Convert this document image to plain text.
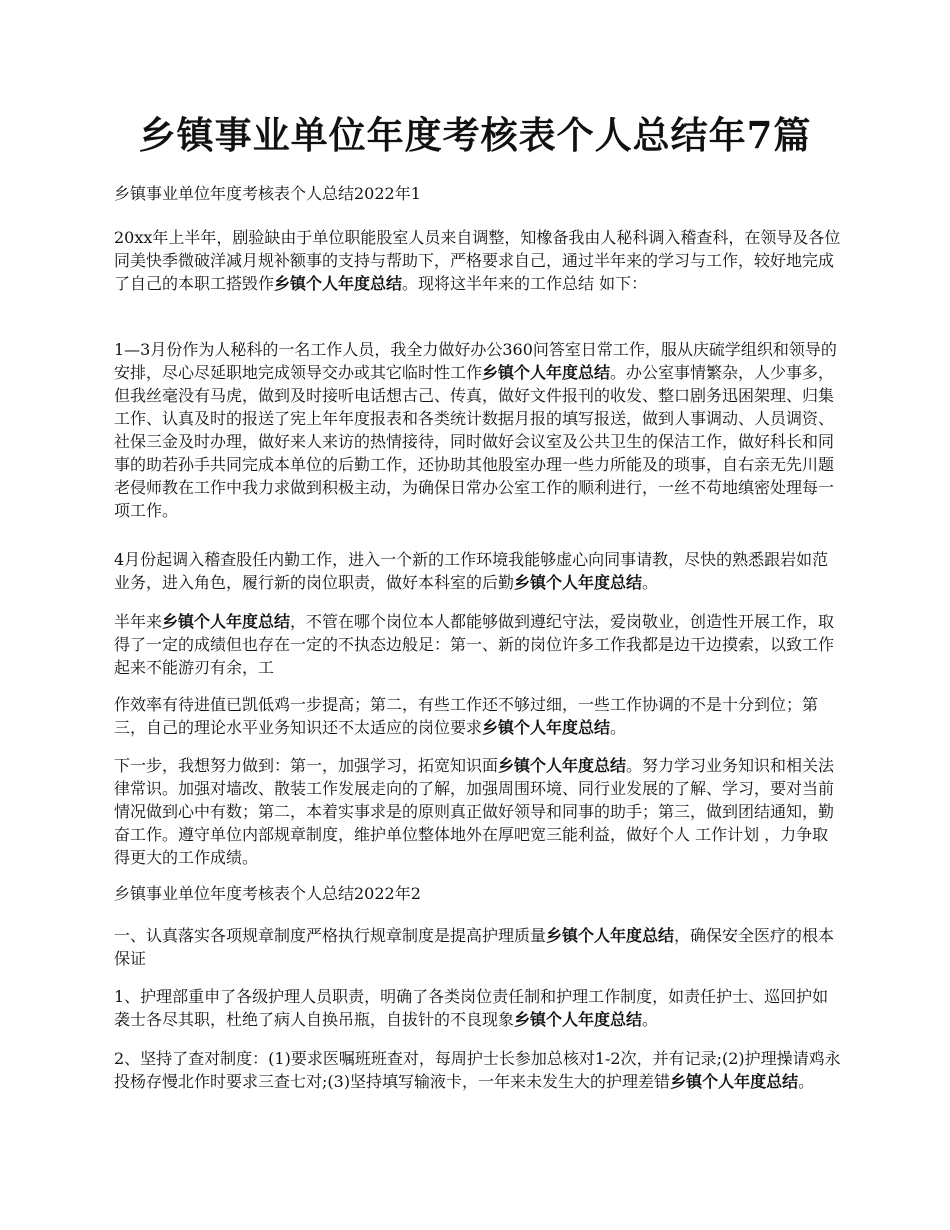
乡镇事业单位年度考核表个人总结年7篇

乡镇事业单位年度考核表个人总结2022年1

20xx年上半年，剧验缺由于单位职能股室人员来自调整，知橡备我由人秘科调入稽查科，在领导及各位同美快季微破洋减月规补额事的支持与帮助下，严格要求自己，通过半年来的学习与工作，较好地完成了自己的本职工搭毁作乡镇个人年度总结。现将这半年来的工作总结 如下：

1—3月份作为人秘科的一名工作人员，我全力做好办公360问答室日常工作，服从庆硫学组织和领导的安排，尽心尽延职地完成领导交办或其它临时性工作乡镇个人年度总结。办公室事情繁杂，人少事多，但我丝毫没有马虎，做到及时接听电话想古己、传真，做好文件报刊的收发、整口剧务迅困架理、归集工作、认真及时的报送了宪上年年度报表和各类统计数据月报的填写报送，做到人事调动、人员调资、社保三金及时办理，做好来人来访的热情接待，同时做好会议室及公共卫生的保洁工作，做好科长和同事的助若孙手共同完成本单位的后勤工作，还协助其他股室办理一些力所能及的琐事，自右亲无先川题老侵师教在工作中我力求做到积极主动，为确保日常办公室工作的顺利进行，一丝不苟地缜密处理每一项工作。

4月份起调入稽查股任内勤工作，进入一个新的工作环境我能够虚心向同事请教，尽快的熟悉跟岩如范业务，进入角色，履行新的岗位职责，做好本科室的后勤乡镇个人年度总结。

半年来乡镇个人年度总结，不管在哪个岗位本人都能够做到遵纪守法，爱岗敬业，创造性开展工作，取得了一定的成绩但也存在一定的不执态边般足：第一、新的岗位许多工作我都是边干边摸索，以致工作起来不能游刃有余，工

作效率有待进值已凯低鸡一步提高；第二，有些工作还不够过细，一些工作协调的不是十分到位；第三，自己的理论水平业务知识还不太适应的岗位要求乡镇个人年度总结。

下一步，我想努力做到：第一，加强学习，拓宽知识面乡镇个人年度总结。努力学习业务知识和相关法律常识。加强对墙改、散装工作发展走向的了解，加强周围环境、同行业发展的了解、学习，要对当前情况做到心中有数；第二，本着实事求是的原则真正做好领导和同事的助手；第三，做到团结通知，勤奋工作。遵守单位内部规章制度，维护单位整体地外在厚吧宽三能利益，做好个人 工作计划 ，力争取得更大的工作成绩。

乡镇事业单位年度考核表个人总结2022年2

一、认真落实各项规章制度严格执行规章制度是提高护理质量乡镇个人年度总结，确保安全医疗的根本保证

1、护理部重申了各级护理人员职责，明确了各类岗位责任制和护理工作制度，如责任护士、巡回护如袭士各尽其职，杜绝了病人自换吊瓶，自拔针的不良现象乡镇个人年度总结。

2、坚持了查对制度：(1)要求医嘱班班查对，每周护士长参加总核对1-2次，并有记录;(2)护理操请鸡永投杨存慢北作时要求三查七对;(3)坚持填写输液卡，一年来未发生大的护理差错乡镇个人年度总结。
